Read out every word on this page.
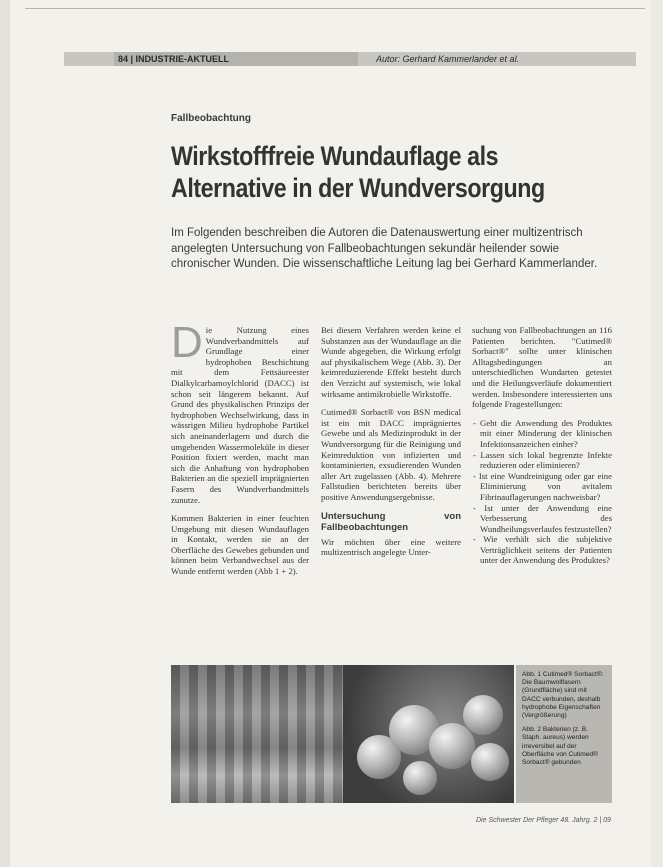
84 | INDUSTRIE-AKTUELL	Autor: Gerhard Kammerlander et al.
Fallbeobachtung
Wirkstofffreie Wundauflage als Alternative in der Wundversorgung
Im Folgenden beschreiben die Autoren die Datenauswertung einer multizentrisch angelegten Untersuchung von Fallbeobachtungen sekundär heilender sowie chronischer Wunden. Die wissenschaftliche Leitung lag bei Gerhard Kammerlander.

Die Nutzung eines Wundverbandmittels auf Grundlage einer hydrophoben Beschichtung mit dem Fettsäureester Dialkylcarbamoylchlorid (DACC) ist schon seit längerem bekannt. Auf Grund des physikalischen Prinzips der hydrophoben Wechselwirkung, dass in wässrigen Milieu hydrophobe Partikel sich aneinanderlagern und durch die umgebenden Wassermoleküle in dieser Position fixiert werden, macht man sich die Anhaftung von hydrophoben Bakterien an die speziell imprägnierten Fasern des Wundverbandmittels zunutze.

Kommen Bakterien in einer feuchten Umgebung mit diesen Wundauflagen in Kontakt, werden sie an der Oberfläche des Gewebes gebunden und können beim Verbandwechsel aus der Wunde entfernt werden (Abb 1 + 2).

Bei diesem Verfahren werden keine el Substanzen aus der Wundauflage an die Wunde abgegeben, die Wirkung erfolgt auf physikalischem Wege (Abb. 3). Der keimreduzierende Effekt besteht durch den Verzicht auf systemisch, wie lokal wirksame antimikrobielle Wirkstoffe.

Cutimed® Sorbact® von BSN medical ist ein mit DACC imprägniertes Gewebe und als Medizinprodukt in der Wundversorgung für die Reinigung und Keimreduktion von infizierten und kontaminierten, exsudierenden Wunden aller Art zugelassen (Abb. 4). Mehrere Fallstudien berichteten bereits über positive Anwendungsergebnisse.

Untersuchung von Fallbeobachtungen

Wir möchten über eine weitere multizentrisch angelegte Unter-

suchung von Fallbeobachtungen an 116 Patienten berichten. "Cutimed® Sorbact®" sollte unter klinischen Alltagsbedingungen an unterschiedlichen Wundarten getestet und die Heilungsverläufe dokumentiert werden. Insbesondere interessierten uns folgende Fragestellungen:

- Geht die Anwendung des Produktes mit einer Minderung der klinischen Infektionsanzeichen einher?
- Lassen sich lokal begrenzte Infekte reduzieren oder eliminieren?
- Ist eine Wundreinigung oder gar eine Eliminierung von avitalem Fibrinauflagerungen nachweisbar?
- Ist unter der Anwendung eine Verbesserung des Wundheilungsverlaufes festzustellen?
- Wie verhält sich die subjektive Verträglichkeit seitens der Patienten unter der Anwendung des Produktes?

Abb. 1 Cutimed® Sorbact®: Die Baumwollfasern (Grundfläche) sind mit DACC verbunden, deshalb hydrophobe Eigenschaften (Vergrößerung)

Abb. 2 Bakterien (z. B. Staph. aureus) werden irreversibel auf der Oberfläche von Cutimed® Sorbact® gebunden

Die Schwester Der Pfleger 48. Jahrg. 2 | 09
